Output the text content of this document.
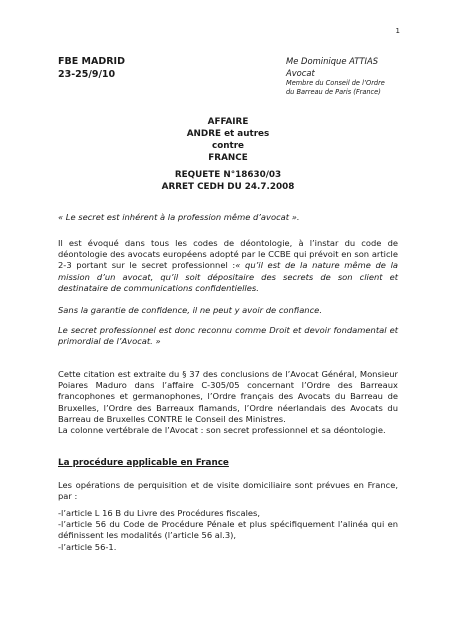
1
FBE MADRID
23-25/9/10
Me Dominique ATTIAS
Avocat
Membre du Conseil de l’Ordre
du Barreau de Paris (France)
AFFAIRE
ANDRE et autres
contre
FRANCE
REQUETE N°18630/03
ARRET CEDH DU 24.7.2008

« Le secret est inhérent à la profession même d’avocat ».

Il est évoqué dans tous les codes de déontologie, à l’instar du code de déontologie des avocats européens adopté par le CCBE qui prévoit en son article 2-3 portant sur le secret professionnel :« qu’il est de la nature même de la mission d’un avocat, qu’il soit dépositaire des secrets de son client et destinataire de communications confidentielles.

Sans la garantie de confidence, il ne peut y avoir de confiance.

Le secret professionnel est donc reconnu comme Droit et devoir fondamental et primordial de l’Avocat. »

Cette citation est extraite du § 37 des conclusions de l’Avocat Général, Monsieur Poiares Maduro dans l’affaire C-305/05 concernant l’Ordre des Barreaux francophones et germanophones, l’Ordre français des Avocats du Barreau de Bruxelles, l’Ordre des Barreaux flamands, l’Ordre néerlandais des Avocats du Barreau de Bruxelles CONTRE le Conseil des Ministres.

La colonne vertébrale de l’Avocat : son secret professionnel et sa déontologie.

La procédure applicable en France

Les opérations de perquisition et de visite domiciliaire sont prévues en France, par :

-l’article L 16 B du Livre des Procédures fiscales,
-l’article 56 du Code de Procédure Pénale et plus spécifiquement l’alinéa qui en définissent les modalités (l’article 56 al.3),
-l’article 56-1.
